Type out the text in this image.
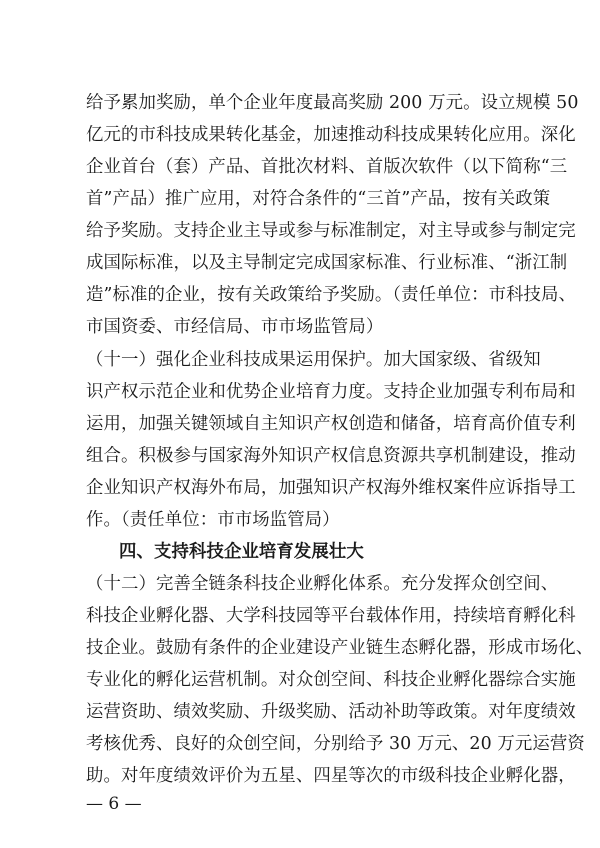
给予累加奖励，单个企业年度最高奖励 200 万元。设立规模 50
亿元的市科技成果转化基金，加速推动科技成果转化应用。深化
企业首台（套）产品、首批次材料、首版次软件（以下简称“三
首”产品）推广应用，对符合条件的“三首”产品，按有关政策
给予奖励。支持企业主导或参与标准制定，对主导或参与制定完
成国际标准，以及主导制定完成国家标准、行业标准、“浙江制
造”标准的企业，按有关政策给予奖励。（责任单位：市科技局、
市国资委、市经信局、市市场监管局）
（十一）强化企业科技成果运用保护。加大国家级、省级知
识产权示范企业和优势企业培育力度。支持企业加强专利布局和
运用，加强关键领域自主知识产权创造和储备，培育高价值专利
组合。积极参与国家海外知识产权信息资源共享机制建设，推动
企业知识产权海外布局，加强知识产权海外维权案件应诉指导工
作。（责任单位：市市场监管局）
四、支持科技企业培育发展壮大
（十二）完善全链条科技企业孵化体系。充分发挥众创空间、
科技企业孵化器、大学科技园等平台载体作用，持续培育孵化科
技企业。鼓励有条件的企业建设产业链生态孵化器，形成市场化、
专业化的孵化运营机制。对众创空间、科技企业孵化器综合实施
运营资助、绩效奖励、升级奖励、活动补助等政策。对年度绩效
考核优秀、良好的众创空间，分别给予 30 万元、20 万元运营资
助。对年度绩效评价为五星、四星等次的市级科技企业孵化器，
— 6 —
